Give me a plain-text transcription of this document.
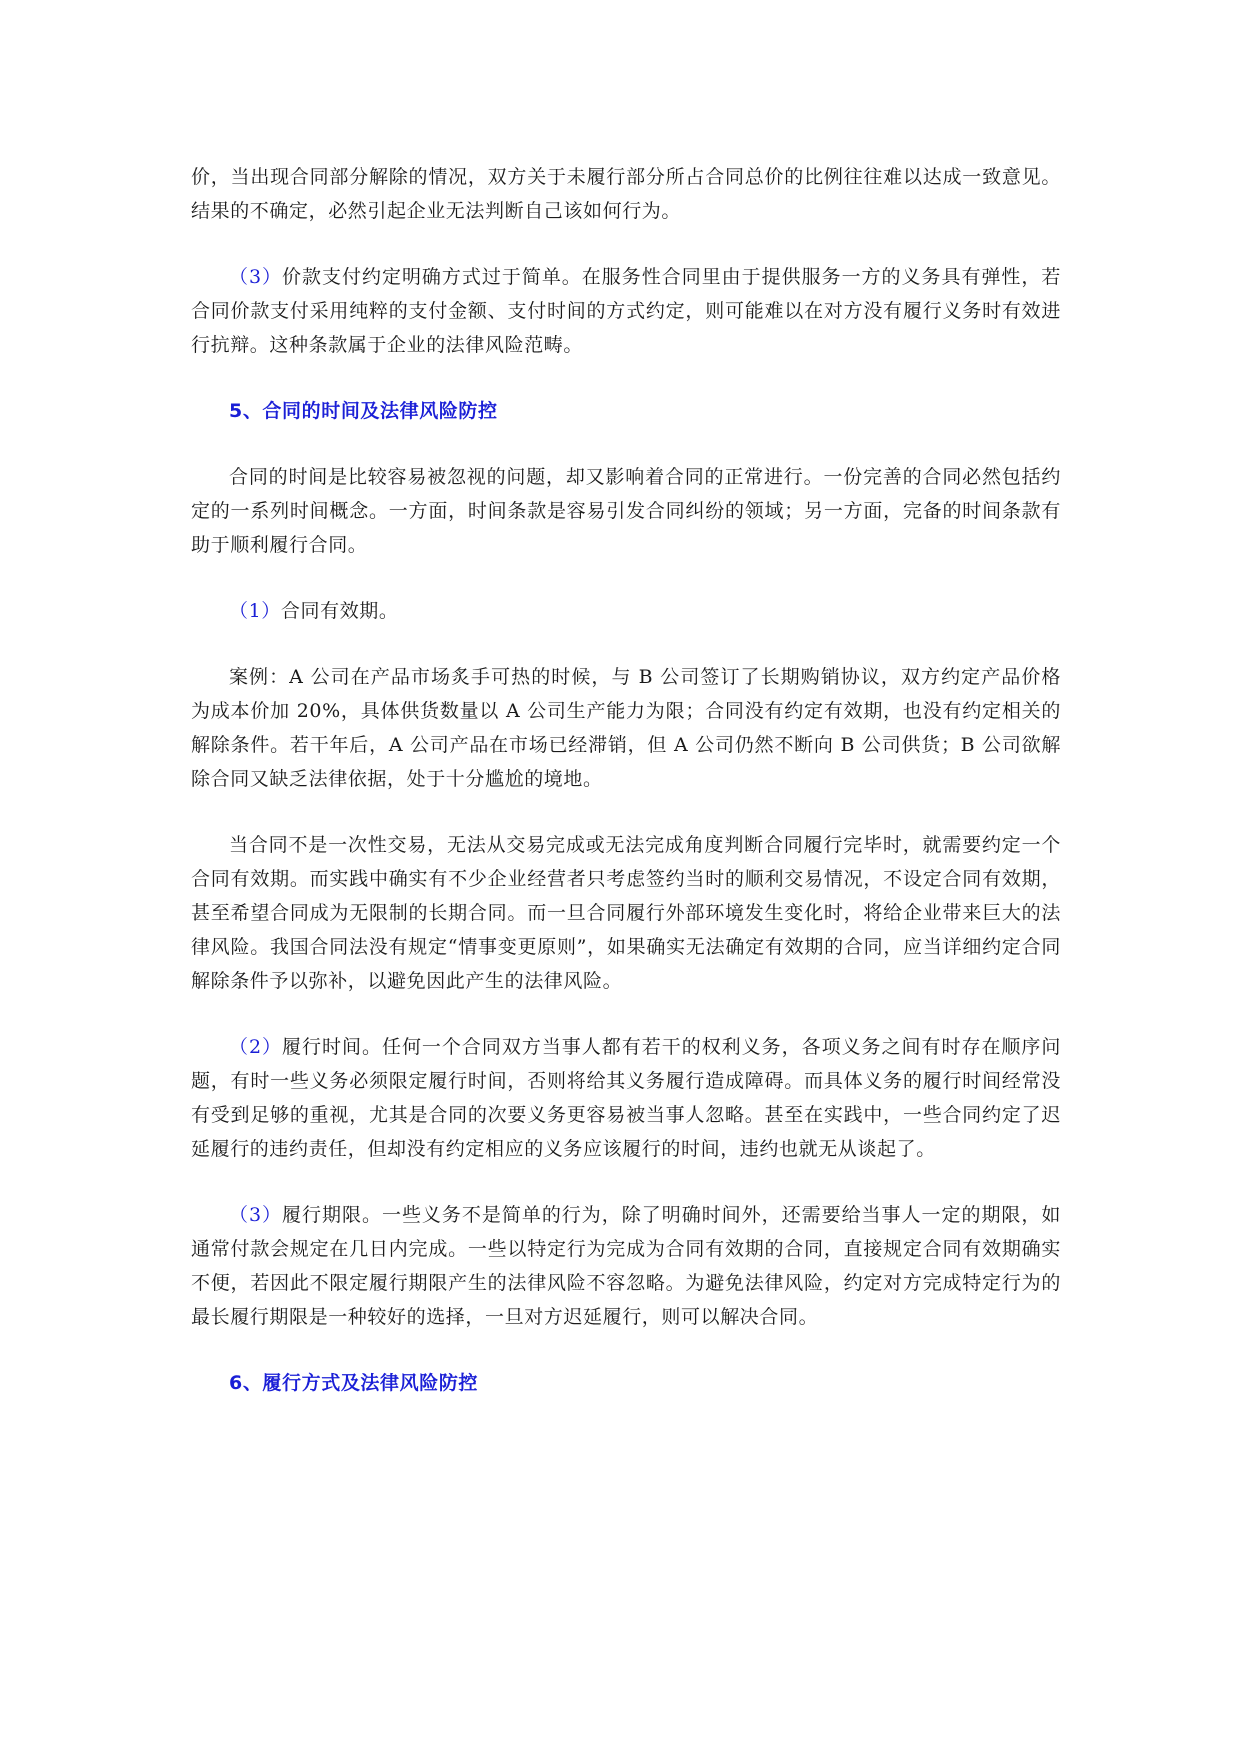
价，当出现合同部分解除的情况，双方关于未履行部分所占合同总价的比例往往难以达成一致意见。结果的不确定，必然引起企业无法判断自己该如何行为。

（3）价款支付约定明确方式过于简单。在服务性合同里由于提供服务一方的义务具有弹性，若合同价款支付采用纯粹的支付金额、支付时间的方式约定，则可能难以在对方没有履行义务时有效进行抗辩。这种条款属于企业的法律风险范畴。

5、合同的时间及法律风险防控

合同的时间是比较容易被忽视的问题，却又影响着合同的正常进行。一份完善的合同必然包括约定的一系列时间概念。一方面，时间条款是容易引发合同纠纷的领域；另一方面，完备的时间条款有助于顺利履行合同。

（1）合同有效期。

案例：A 公司在产品市场炙手可热的时候，与 B 公司签订了长期购销协议，双方约定产品价格为成本价加 20%，具体供货数量以 A 公司生产能力为限；合同没有约定有效期，也没有约定相关的解除条件。若干年后，A 公司产品在市场已经滞销，但 A 公司仍然不断向 B 公司供货；B 公司欲解除合同又缺乏法律依据，处于十分尴尬的境地。

当合同不是一次性交易，无法从交易完成或无法完成角度判断合同履行完毕时，就需要约定一个合同有效期。而实践中确实有不少企业经营者只考虑签约当时的顺利交易情况，不设定合同有效期，甚至希望合同成为无限制的长期合同。而一旦合同履行外部环境发生变化时，将给企业带来巨大的法律风险。我国合同法没有规定“情事变更原则”，如果确实无法确定有效期的合同，应当详细约定合同解除条件予以弥补，以避免因此产生的法律风险。

（2）履行时间。任何一个合同双方当事人都有若干的权利义务，各项义务之间有时存在顺序问题，有时一些义务必须限定履行时间，否则将给其义务履行造成障碍。而具体义务的履行时间经常没有受到足够的重视，尤其是合同的次要义务更容易被当事人忽略。甚至在实践中，一些合同约定了迟延履行的违约责任，但却没有约定相应的义务应该履行的时间，违约也就无从谈起了。

（3）履行期限。一些义务不是简单的行为，除了明确时间外，还需要给当事人一定的期限，如通常付款会规定在几日内完成。一些以特定行为完成为合同有效期的合同，直接规定合同有效期确实不便，若因此不限定履行期限产生的法律风险不容忽略。为避免法律风险，约定对方完成特定行为的最长履行期限是一种较好的选择，一旦对方迟延履行，则可以解决合同。

6、履行方式及法律风险防控
